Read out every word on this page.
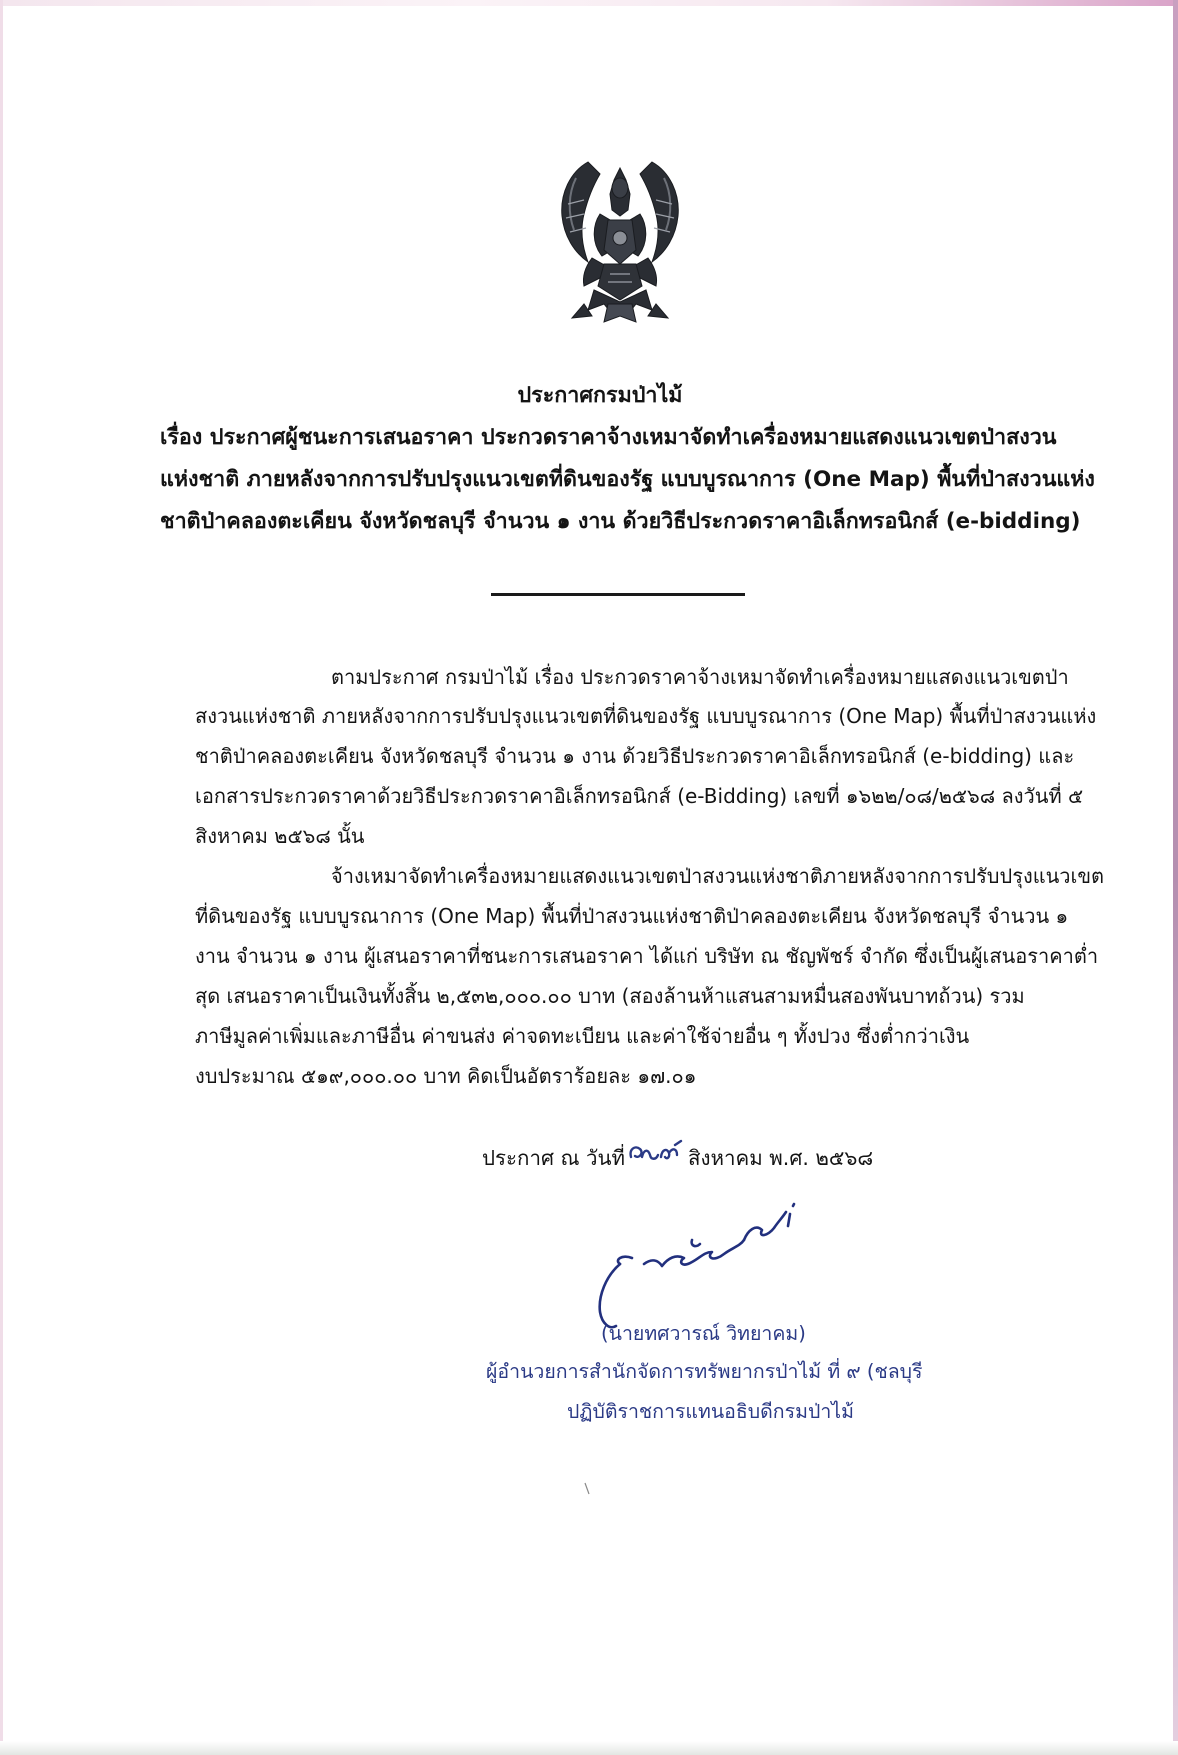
ประกาศกรมป่าไม้
เรื่อง ประกาศผู้ชนะการเสนอราคา ประกวดราคาจ้างเหมาจัดทำเครื่องหมายแสดงแนวเขตป่าสงวน
แห่งชาติ ภายหลังจากการปรับปรุงแนวเขตที่ดินของรัฐ แบบบูรณาการ (One Map) พื้นที่ป่าสงวนแห่ง
ชาติป่าคลองตะเคียน จังหวัดชลบุรี จำนวน ๑ งาน ด้วยวิธีประกวดราคาอิเล็กทรอนิกส์ (e-bidding)
ตามประกาศ กรมป่าไม้ เรื่อง ประกวดราคาจ้างเหมาจัดทำเครื่องหมายแสดงแนวเขตป่า
สงวนแห่งชาติ ภายหลังจากการปรับปรุงแนวเขตที่ดินของรัฐ แบบบูรณาการ (One Map) พื้นที่ป่าสงวนแห่ง
ชาติป่าคลองตะเคียน จังหวัดชลบุรี จำนวน ๑ งาน ด้วยวิธีประกวดราคาอิเล็กทรอนิกส์ (e-bidding) และ
เอกสารประกวดราคาด้วยวิธีประกวดราคาอิเล็กทรอนิกส์ (e-Bidding) เลขที่ ๑๖๒๒/๐๘/๒๕๖๘ ลงวันที่ ๕
สิงหาคม ๒๕๖๘ นั้น
จ้างเหมาจัดทำเครื่องหมายแสดงแนวเขตป่าสงวนแห่งชาติภายหลังจากการปรับปรุงแนวเขต
ที่ดินของรัฐ แบบบูรณาการ (One Map) พื้นที่ป่าสงวนแห่งชาติป่าคลองตะเคียน จังหวัดชลบุรี จำนวน ๑
งาน จำนวน ๑ งาน ผู้เสนอราคาที่ชนะการเสนอราคา ได้แก่ บริษัท ณ ชัญพัชร์ จำกัด ซึ่งเป็นผู้เสนอราคาต่ำ
สุด เสนอราคาเป็นเงินทั้งสิ้น ๒,๕๓๒,๐๐๐.๐๐ บาท (สองล้านห้าแสนสามหมื่นสองพันบาทถ้วน) รวม
ภาษีมูลค่าเพิ่มและภาษีอื่น ค่าขนส่ง ค่าจดทะเบียน และค่าใช้จ่ายอื่น ๆ ทั้งปวง ซึ่งต่ำกว่าเงิน
งบประมาณ ๕๑๙,๐๐๐.๐๐ บาท คิดเป็นอัตราร้อยละ ๑๗.๐๑
ประกาศ ณ วันที่	สิงหาคม พ.ศ. ๒๕๖๘
(นายทศวารณ์ วิทยาคม)
ผู้อำนวยการสำนักจัดการทรัพยากรป่าไม้ ที่ ๙ (ชลบุรี
ปฏิบัติราชการแทนอธิบดีกรมป่าไม้
